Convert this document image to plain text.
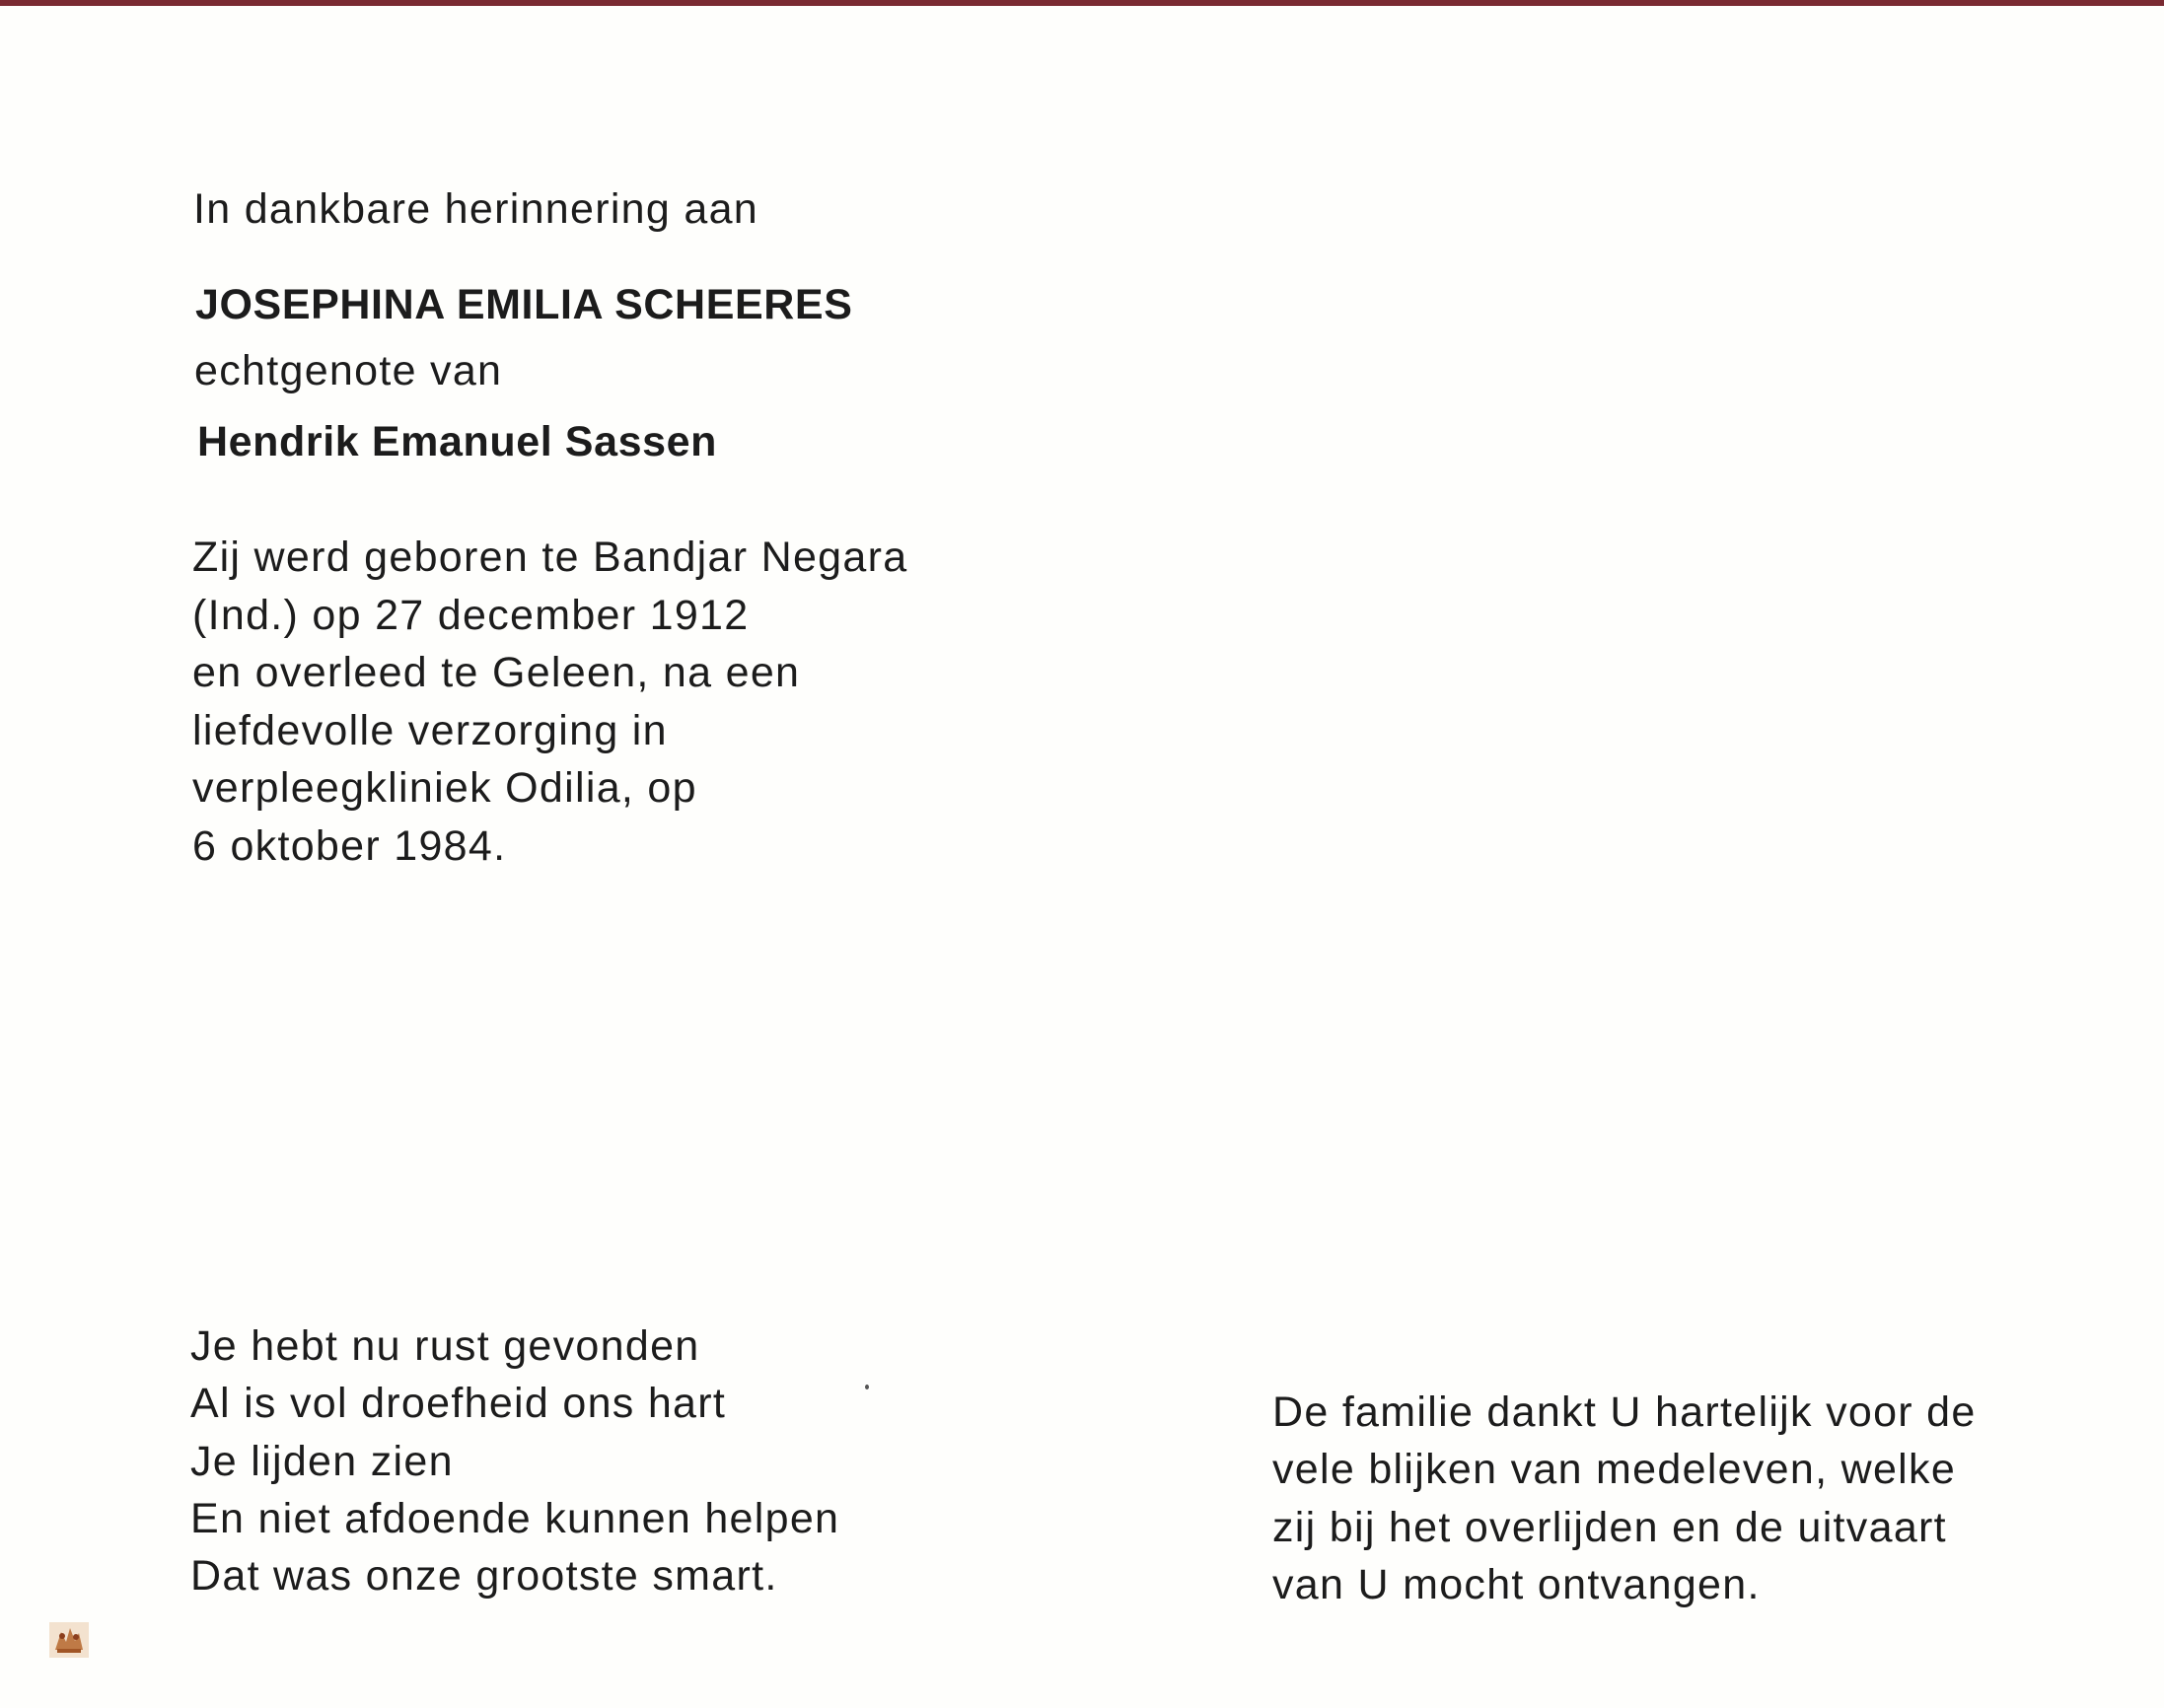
In dankbare herinnering aan
JOSEPHINA EMILIA SCHEERES
echtgenote van
Hendrik Emanuel Sassen
Zij werd geboren te Bandjar Negara
(Ind.) op 27 december 1912
en overleed te Geleen, na een
liefdevolle verzorging in
verpleegkliniek Odilia, op
6 oktober 1984.
Je hebt nu rust gevonden
Al is vol droefheid ons hart
Je lijden zien
En niet afdoende kunnen helpen
Dat was onze grootste smart.
De familie dankt U hartelijk voor de
vele blijken van medeleven, welke
zij bij het overlijden en de uitvaart
van U mocht ontvangen.
